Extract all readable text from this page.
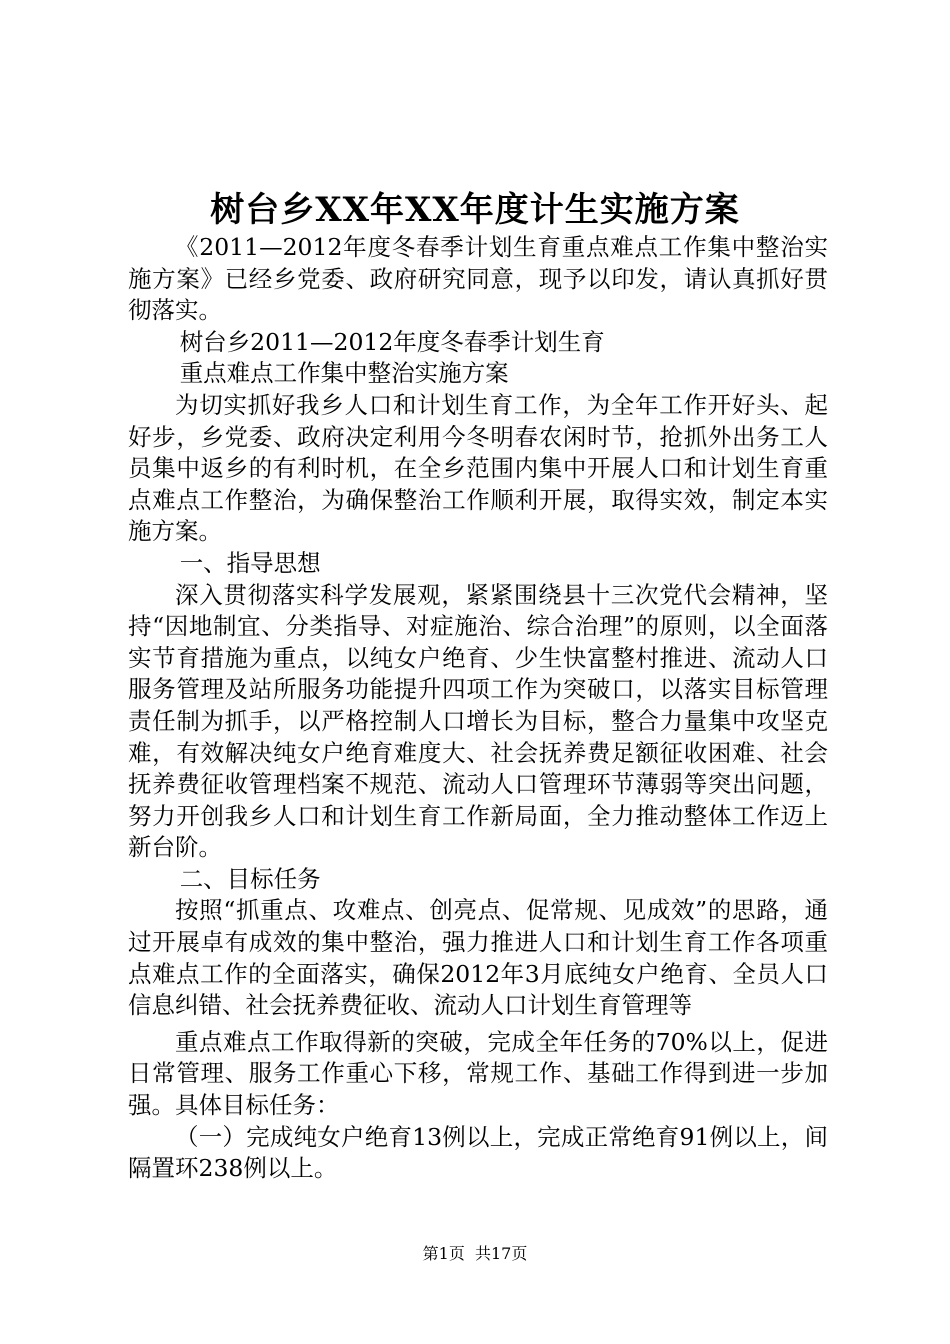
树台乡XX年XX年度计生实施方案

《2011—2012年度冬春季计划生育重点难点工作集中整治实施方案》已经乡党委、政府研究同意，现予以印发，请认真抓好贯彻落实。

树台乡2011—2012年度冬春季计划生育

重点难点工作集中整治实施方案

为切实抓好我乡人口和计划生育工作，为全年工作开好头、起好步，乡党委、政府决定利用今冬明春农闲时节，抢抓外出务工人员集中返乡的有利时机，在全乡范围内集中开展人口和计划生育重点难点工作整治，为确保整治工作顺利开展，取得实效，制定本实施方案。

一、指导思想

深入贯彻落实科学发展观，紧紧围绕县十三次党代会精神，坚持“因地制宜、分类指导、对症施治、综合治理”的原则，以全面落实节育措施为重点，以纯女户绝育、少生快富整村推进、流动人口服务管理及站所服务功能提升四项工作为突破口，以落实目标管理责任制为抓手，以严格控制人口增长为目标，整合力量集中攻坚克难，有效解决纯女户绝育难度大、社会抚养费足额征收困难、社会抚养费征收管理档案不规范、流动人口管理环节薄弱等突出问题，努力开创我乡人口和计划生育工作新局面，全力推动整体工作迈上新台阶。

二、目标任务

按照“抓重点、攻难点、创亮点、促常规、见成效”的思路，通过开展卓有成效的集中整治，强力推进人口和计划生育工作各项重点难点工作的全面落实，确保2012年3月底纯女户绝育、全员人口信息纠错、社会抚养费征收、流动人口计划生育管理等

重点难点工作取得新的突破，完成全年任务的70%以上，促进日常管理、服务工作重心下移，常规工作、基础工作得到进一步加强。具体目标任务：

（一）完成纯女户绝育13例以上，完成正常绝育91例以上，间隔置环238例以上。

第1页  共17页
